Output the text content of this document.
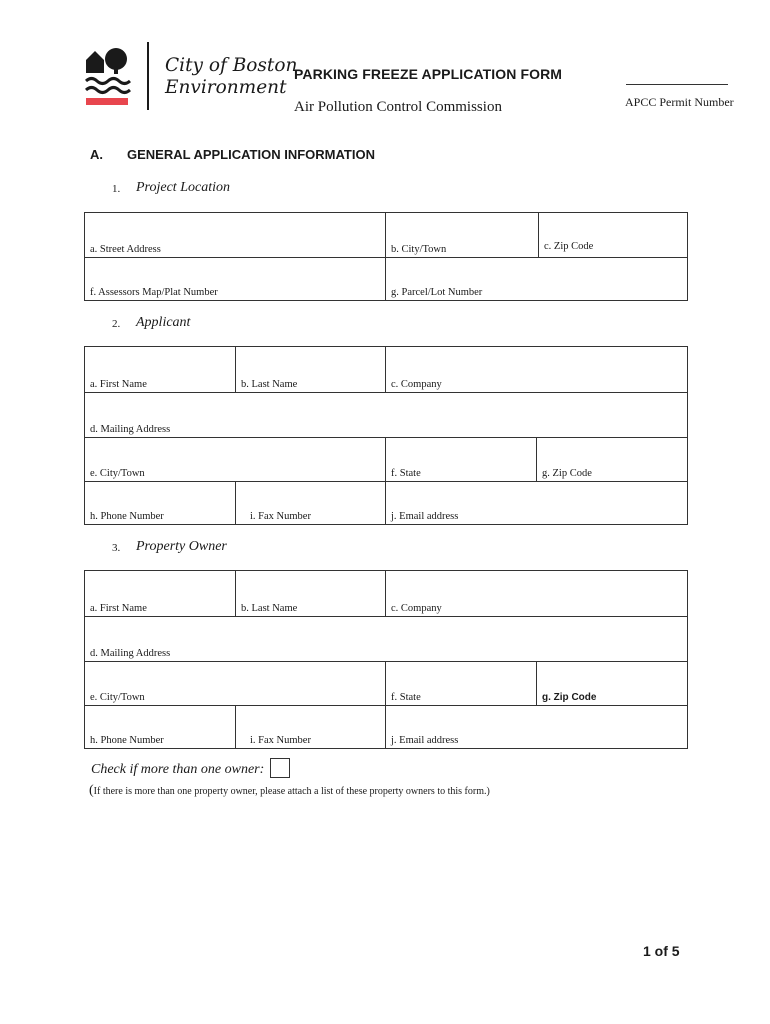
City of Boston
Environment
PARKING FREEZE APPLICATION FORM
Air Pollution Control Commission	APCC Permit Number
A. GENERAL APPLICATION INFORMATION
1. Project Location
a. Street Address	b. City/Town	c. Zip Code
f. Assessors Map/Plat Number	g. Parcel/Lot Number	
2. Applicant
a. First Name	b. Last Name	c. Company	
d. Mailing Address			
e. City/Town		f. State	g. Zip Code
h. Phone Number	i. Fax Number	j. Email address	
3. Property Owner
a. First Name	b. Last Name	c. Company	
d. Mailing Address			
e. City/Town		f. State	g. Zip Code
h. Phone Number	i. Fax Number	j. Email address	
Check if more than one owner:
(If there is more than one property owner, please attach a list of these property owners to this form.)
1 of 5
